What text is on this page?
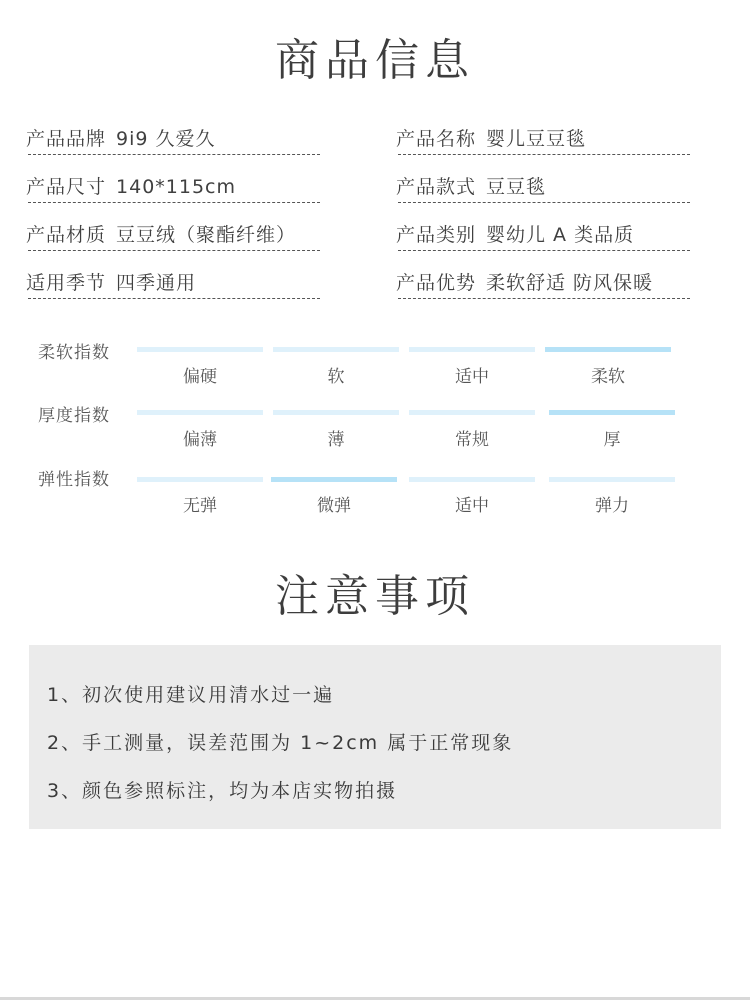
商品信息
产品品牌 9i9 久爱久	产品名称 婴儿豆豆毯
产品尺寸 140*115cm	产品款式 豆豆毯
产品材质 豆豆绒（聚酯纤维）	产品类别 婴幼儿 A 类品质
适用季节 四季通用	产品优势 柔软舒适 防风保暖
柔软指数
偏硬	软	适中	柔软
厚度指数
偏薄	薄	常规	厚
弹性指数
无弹	微弹	适中	弹力
注意事项
1、初次使用建议用清水过一遍
2、手工测量，误差范围为 1~2cm 属于正常现象
3、颜色参照标注，均为本店实物拍摄
